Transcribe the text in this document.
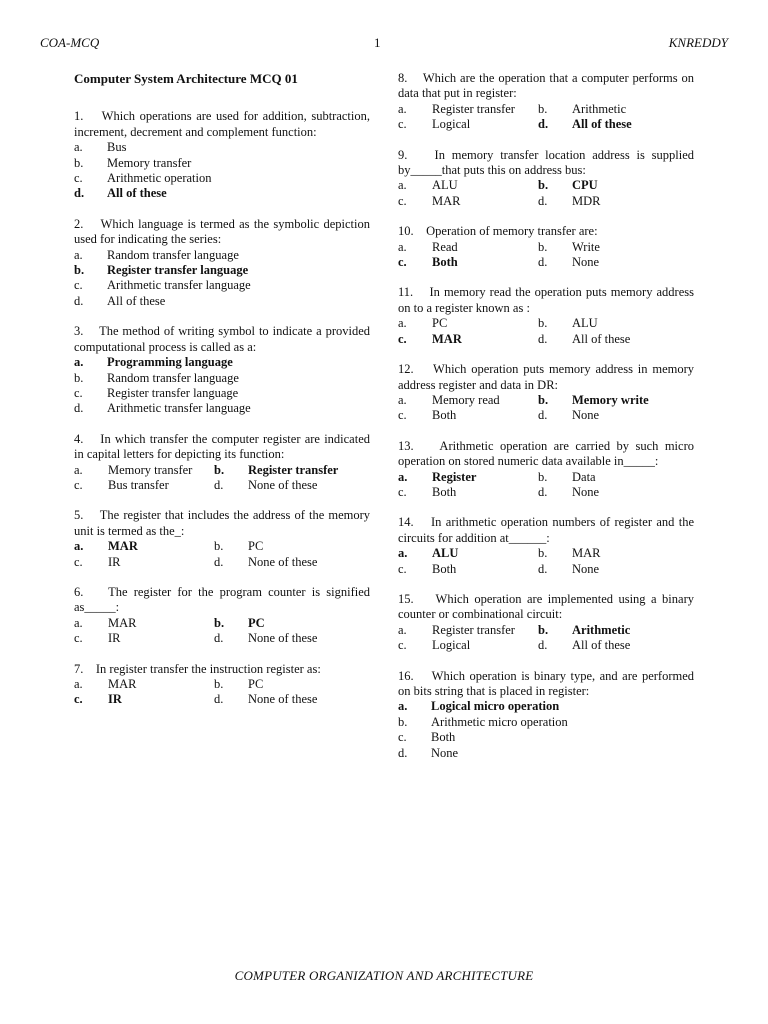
COA-MCQ	1	KNREDDY
Computer System Architecture MCQ 01
1. Which operations are used for addition, subtraction, increment, decrement and complement function:
a.	Bus
b.	Memory transfer
c.	Arithmetic operation
d.	All of these
2. Which language is termed as the symbolic depiction used for indicating the series:
a.	Random transfer language
b.	Register transfer language
c.	Arithmetic transfer language
d.	All of these
3. The method of writing symbol to indicate a provided computational process is called as a:
a.	Programming language
b.	Random transfer language
c.	Register transfer language
d.	Arithmetic transfer language
4. In which transfer the computer register are indicated in capital letters for depicting its function:
a.	Memory transfer b.	Register transfer
c.	Bus transfer	d.	None of these
5. The register that includes the address of the memory unit is termed as the_:
a.	MAR	b.	PC
c.	IR	d.	None of these
6. The register for the program counter is signified as_____:
a.	MAR	b.	PC
c.	IR	d.	None of these
7. In register transfer the instruction register as:
a.	MAR	b.	PC
c.	IR	d.	None of these
8. Which are the operation that a computer performs on data that put in register:
a.	Register transfer b.	Arithmetic
c.	Logical	d.	All of these
9. In memory transfer location address is supplied by_____that puts this on address bus:
a.	ALU	b.	CPU
c.	MAR	d.	MDR
10. Operation of memory transfer are:
a.	Read	b.	Write
c.	Both	d.	None
11. In memory read the operation puts memory address on to a register known as :
a.	PC	b.	ALU
c.	MAR	d.	All of these
12. Which operation puts memory address in memory address register and data in DR:
a.	Memory read	b.	Memory write
c.	Both	d.	None
13. Arithmetic operation are carried by such micro operation on stored numeric data available in_____:
a.	Register	b.	Data
c.	Both	d.	None
14. In arithmetic operation numbers of register and the circuits for addition at______:
a.	ALU	b.	MAR
c.	Both	d.	None
15. Which operation are implemented using a binary counter or combinational circuit:
a.	Register transfer b.	Arithmetic
c.	Logical	d.	All of these
16. Which operation is binary type, and are performed on bits string that is placed in register:
a.	Logical micro operation
b.	Arithmetic micro operation
c.	Both
d.	None
COMPUTER ORGANIZATION AND ARCHITECTURE
